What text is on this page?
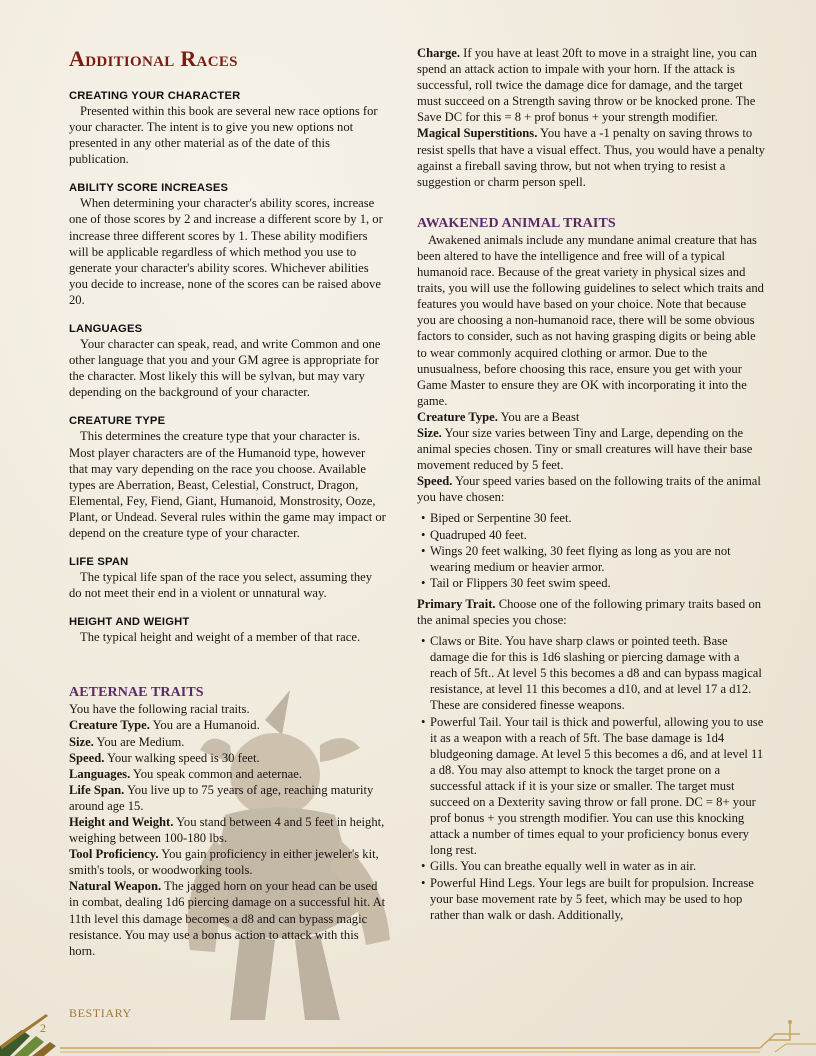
Additional Races

CREATING YOUR CHARACTER

Presented within this book are several new race options for your character. The intent is to give you new options not presented in any other material as of the date of this publication.

ABILITY SCORE INCREASES

When determining your character's ability scores, increase one of those scores by 2 and increase a different score by 1, or increase three different scores by 1. These ability modifiers will be applicable regardless of which method you use to generate your character's ability scores. Whichever abilities you decide to increase, none of the scores can be raised above 20.

LANGUAGES

Your character can speak, read, and write Common and one other language that you and your GM agree is appropriate for the character. Most likely this will be sylvan, but may vary depending on the background of your character.

CREATURE TYPE

This determines the creature type that your character is. Most player characters are of the Humanoid type, however that may vary depending on the race you choose. Available types are Aberration, Beast, Celestial, Construct, Dragon, Elemental, Fey, Fiend, Giant, Humanoid, Monstrosity, Ooze, Plant, or Undead. Several rules within the game may impact or depend on the creature type of your character.

LIFE SPAN

The typical life span of the race you select, assuming they do not meet their end in a violent or unnatural way.

HEIGHT AND WEIGHT

The typical height and weight of a member of that race.

AETERNAE TRAITS

You have the following racial traits.

Creature Type. You are a Humanoid.

Size. You are Medium.

Speed. Your walking speed is 30 feet.

Languages. You speak common and aeternae.

Life Span. You live up to 75 years of age, reaching maturity around age 15.

Height and Weight. You stand between 4 and 5 feet in height, weighing between 100-180 lbs.

Tool Proficiency. You gain proficiency in either jeweler's kit, smith's tools, or woodworking tools.

Natural Weapon. The jagged horn on your head can be used in combat, dealing 1d6 piercing damage on a successful hit. At 11th level this damage becomes a d8 and can bypass magic resistance. You may use a bonus action to attack with this horn.

Charge. If you have at least 20ft to move in a straight line, you can spend an attack action to impale with your horn. If the attack is successful, roll twice the damage dice for damage, and the target must succeed on a Strength saving throw or be knocked prone. The Save DC for this = 8 + prof bonus + your strength modifier.

Magical Superstitions. You have a -1 penalty on saving throws to resist spells that have a visual effect. Thus, you would have a penalty against a fireball saving throw, but not when trying to resist a suggestion or charm person spell.

AWAKENED ANIMAL TRAITS

Awakened animals include any mundane animal creature that has been altered to have the intelligence and free will of a typical humanoid race. Because of the great variety in physical sizes and traits, you will use the following guidelines to select which traits and features you would have based on your choice. Note that because you are choosing a non-humanoid race, there will be some obvious factors to consider, such as not having grasping digits or being able to wear commonly acquired clothing or armor. Due to the unusualness, before choosing this race, ensure you get with your Game Master to ensure they are OK with incorporating it into the game.

Creature Type. You are a Beast

Size. Your size varies between Tiny and Large, depending on the animal species chosen. Tiny or small creatures will have their base movement reduced by 5 feet.

Speed. Your speed varies based on the following traits of the animal you have chosen:

• Biped or Serpentine 30 feet.
• Quadruped 40 feet.
• Wings 20 feet walking, 30 feet flying as long as you are not wearing medium or heavier armor.
• Tail or Flippers 30 feet swim speed.

Primary Trait. Choose one of the following primary traits based on the animal species you chose:

• Claws or Bite. You have sharp claws or pointed teeth. Base damage die for this is 1d6 slashing or piercing damage with a reach of 5ft.. At level 5 this becomes a d8 and can bypass magical resistance, at level 11 this becomes a d10, and at level 17 a d12. These are considered finesse weapons.
• Powerful Tail. Your tail is thick and powerful, allowing you to use it as a weapon with a reach of 5ft. The base damage is 1d4 bludgeoning damage. At level 5 this becomes a d6, and at level 11 a d8. You may also attempt to knock the target prone on a successful attack if it is your size or smaller. The target must succeed on a Dexterity saving throw or fall prone. DC = 8+ your prof bonus + you strength modifier. You can use this knocking attack a number of times equal to your proficiency bonus every long rest.
• Gills. You can breathe equally well in water as in air.
• Powerful Hind Legs. Your legs are built for propulsion. Increase your base movement rate by 5 feet, which may be used to hop rather than walk or dash. Additionally,
BESTIARY
2
